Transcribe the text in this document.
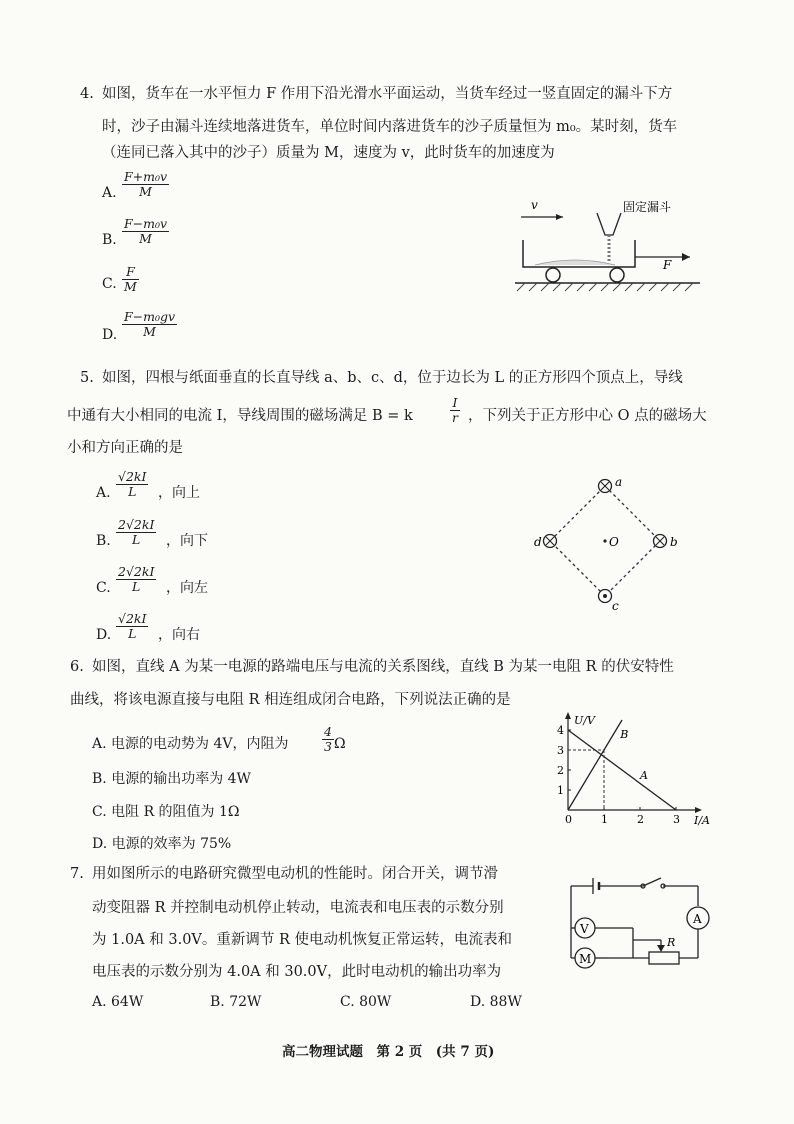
4. 如图，货车在一水平恒力 F 作用下沿光滑水平面运动，当货车经过一竖直固定的漏斗下方
时，沙子由漏斗连续地落进货车，单位时间内落进货车的沙子质量恒为 m₀。某时刻，货车
（连同已落入其中的沙子）质量为 M，速度为 v，此时货车的加速度为
A. $\frac{\text{F+m₀v}}{M}$
B. $\frac{\text{F−m₀v}}{M}$
C. $\frac{F}{M}$
D. $\frac{\text{F−m₀gv}}{M}$
v	固定漏斗
F
5. 如图，四根与纸面垂直的长直导线 a、b、c、d，位于边长为 L 的正方形四个顶点上，导线
中通有大小相同的电流 I，导线周围的磁场满足 B = k	$\frac{I}{r}$ ，下列关于正方形中心 O 点的磁场大
小和方向正确的是
A. $\frac{√2kI}{L}$ ，向上
B. $\frac{2√2kI}{L}$ ，向下
C. $\frac{2√2kI}{L}$ ，向左
D. $\frac{√2kI}{L}$ ，向右
a
b
d
c
O
6. 如图，直线 A 为某一电源的路端电压与电流的关系图线，直线 B 为某一电阻 R 的伏安特性
曲线，将该电源直接与电阻 R 相连组成闭合电路，下列说法正确的是
A. 电源的电动势为 4V，内阻为	$\frac{4}{3}$ Ω
B. 电源的输出功率为 4W
C. 电阻 R 的阻值为 1Ω
D. 电源的效率为 75%
0	1	2	3
1
2
3
4
U/V
I/A
A
B
7. 用如图所示的电路研究微型电动机的性能时。闭合开关，调节滑
动变阻器 R 并控制电动机停止转动，电流表和电压表的示数分别
为 1.0A 和 3.0V。重新调节 R 使电动机恢复正常运转，电流表和
电压表的示数分别为 4.0A 和 30.0V，此时电动机的输出功率为
A. 64W	B. 72W	C. 80W	D. 88W
A
V
M
R
高二物理试题　第 2 页　(共 7 页)
